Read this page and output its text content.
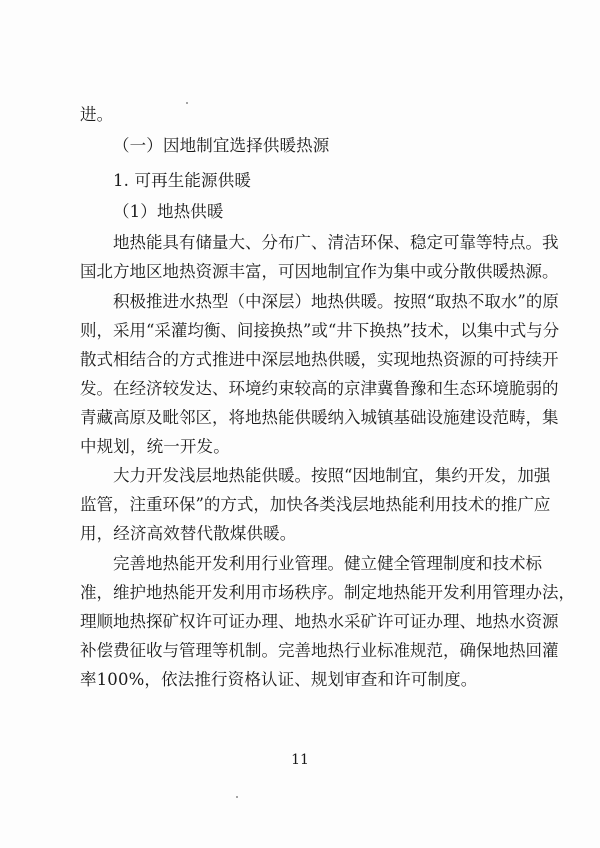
进。
（一）因地制宜选择供暖热源
1. 可再生能源供暖
（1）地热供暖
地热能具有储量大、分布广、清洁环保、稳定可靠等特点。我
国北方地区地热资源丰富，可因地制宜作为集中或分散供暖热源。
积极推进水热型（中深层）地热供暖。按照“取热不取水”的原
则，采用“采灌均衡、间接换热”或“井下换热”技术，以集中式与分
散式相结合的方式推进中深层地热供暖，实现地热资源的可持续开
发。在经济较发达、环境约束较高的京津冀鲁豫和生态环境脆弱的
青藏高原及毗邻区，将地热能供暖纳入城镇基础设施建设范畴，集
中规划，统一开发。
大力开发浅层地热能供暖。按照“因地制宜，集约开发，加强
监管，注重环保”的方式，加快各类浅层地热能利用技术的推广应
用，经济高效替代散煤供暖。
完善地热能开发利用行业管理。健立健全管理制度和技术标
准，维护地热能开发利用市场秩序。制定地热能开发利用管理办法，
理顺地热探矿权许可证办理、地热水采矿许可证办理、地热水资源
补偿费征收与管理等机制。完善地热行业标准规范，确保地热回灌
率100%，依法推行资格认证、规划审查和许可制度。
11
